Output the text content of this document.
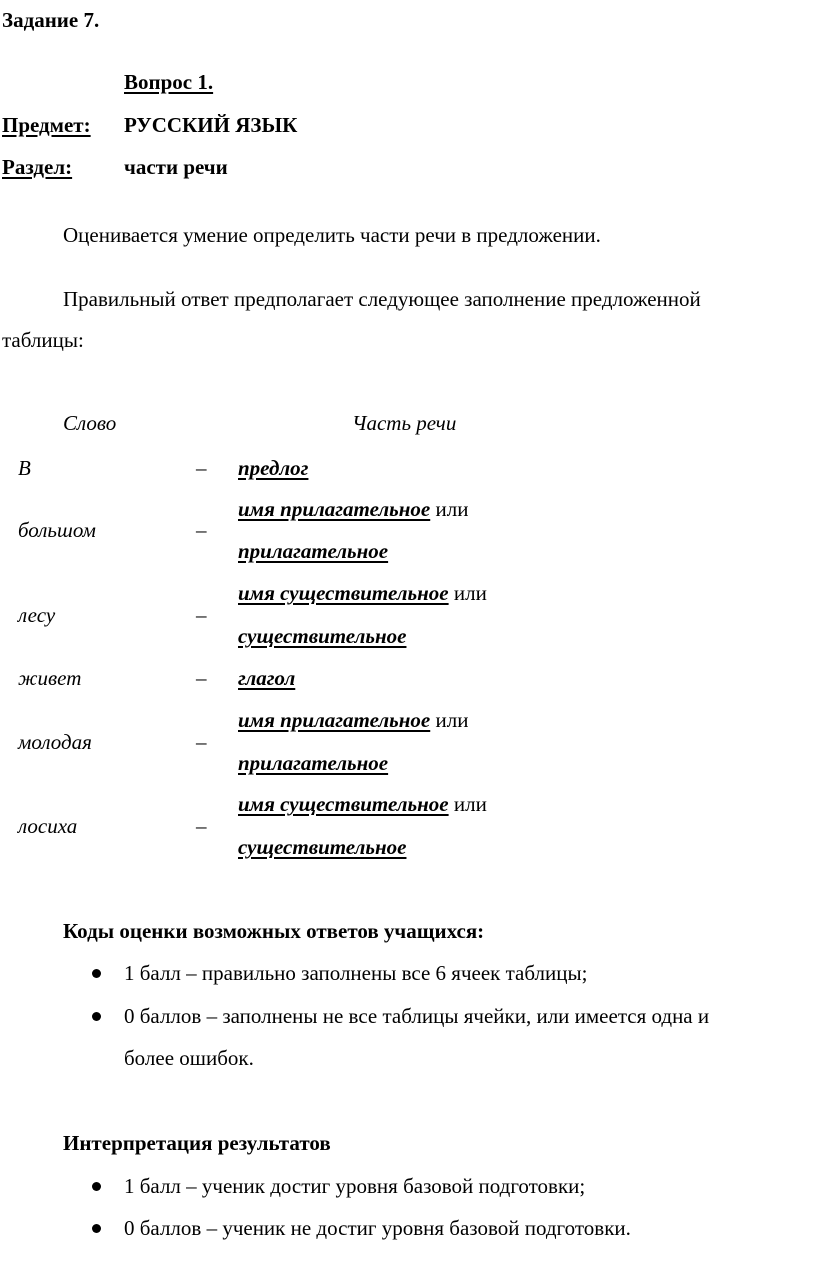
Задание 7.
Вопрос 1.
Предмет: РУССКИЙ ЯЗЫК
Раздел: части речи
Оценивается умение определить части речи в предложении.
Правильный ответ предполагает следующее заполнение предложенной
таблицы:
Слово	Часть речи
В	– предлог
большом	–
имя прилагательное или
прилагательное
лесу	–
имя существительное или
существительное
живет	– глагол
молодая	–
имя прилагательное или
прилагательное
лосиха	–
имя существительное или
существительное
Коды оценки возможных ответов учащихся:
1 балл – правильно заполнены все 6 ячеек таблицы;
0 баллов – заполнены не все таблицы ячейки, или имеется одна и
более ошибок.
Интерпретация результатов
1 балл – ученик достиг уровня базовой подготовки;
0 баллов – ученик не достиг уровня базовой подготовки.
